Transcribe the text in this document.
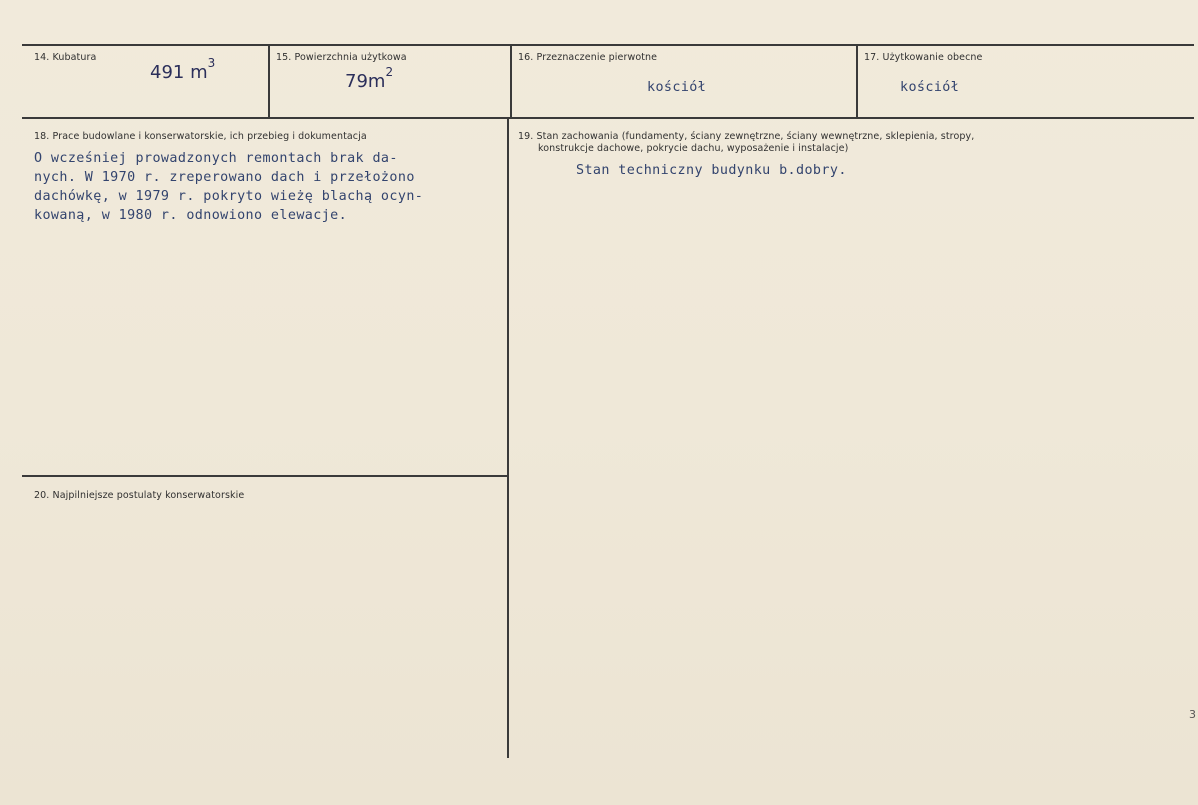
14. Kubatura
491 $m^3$	15. Powierzchnia użytkowa
$79m^2$
16. Przeznaczenie pierwotne
kościół
17. Użytkowanie obecne
kościół
18. Prace budowlane i konserwatorskie, ich przebieg i dokumentacja
O wcześniej prowadzonych remontach brak da-
nych. W 1970 r. zreperowano dach i przełożono
dachówkę, w 1979 r. pokryto wieżę blachą ocyn-
kowaną, w 1980 r. odnowiono elewacje.
19. Stan zachowania (fundamenty, ściany zewnętrzne, ściany wewnętrzne, sklepienia, stropy,
konstrukcje dachowe, pokrycie dachu, wyposażenie i instalacje)
Stan techniczny budynku b.dobry.
20. Najpilniejsze postulaty konserwatorskie
3
